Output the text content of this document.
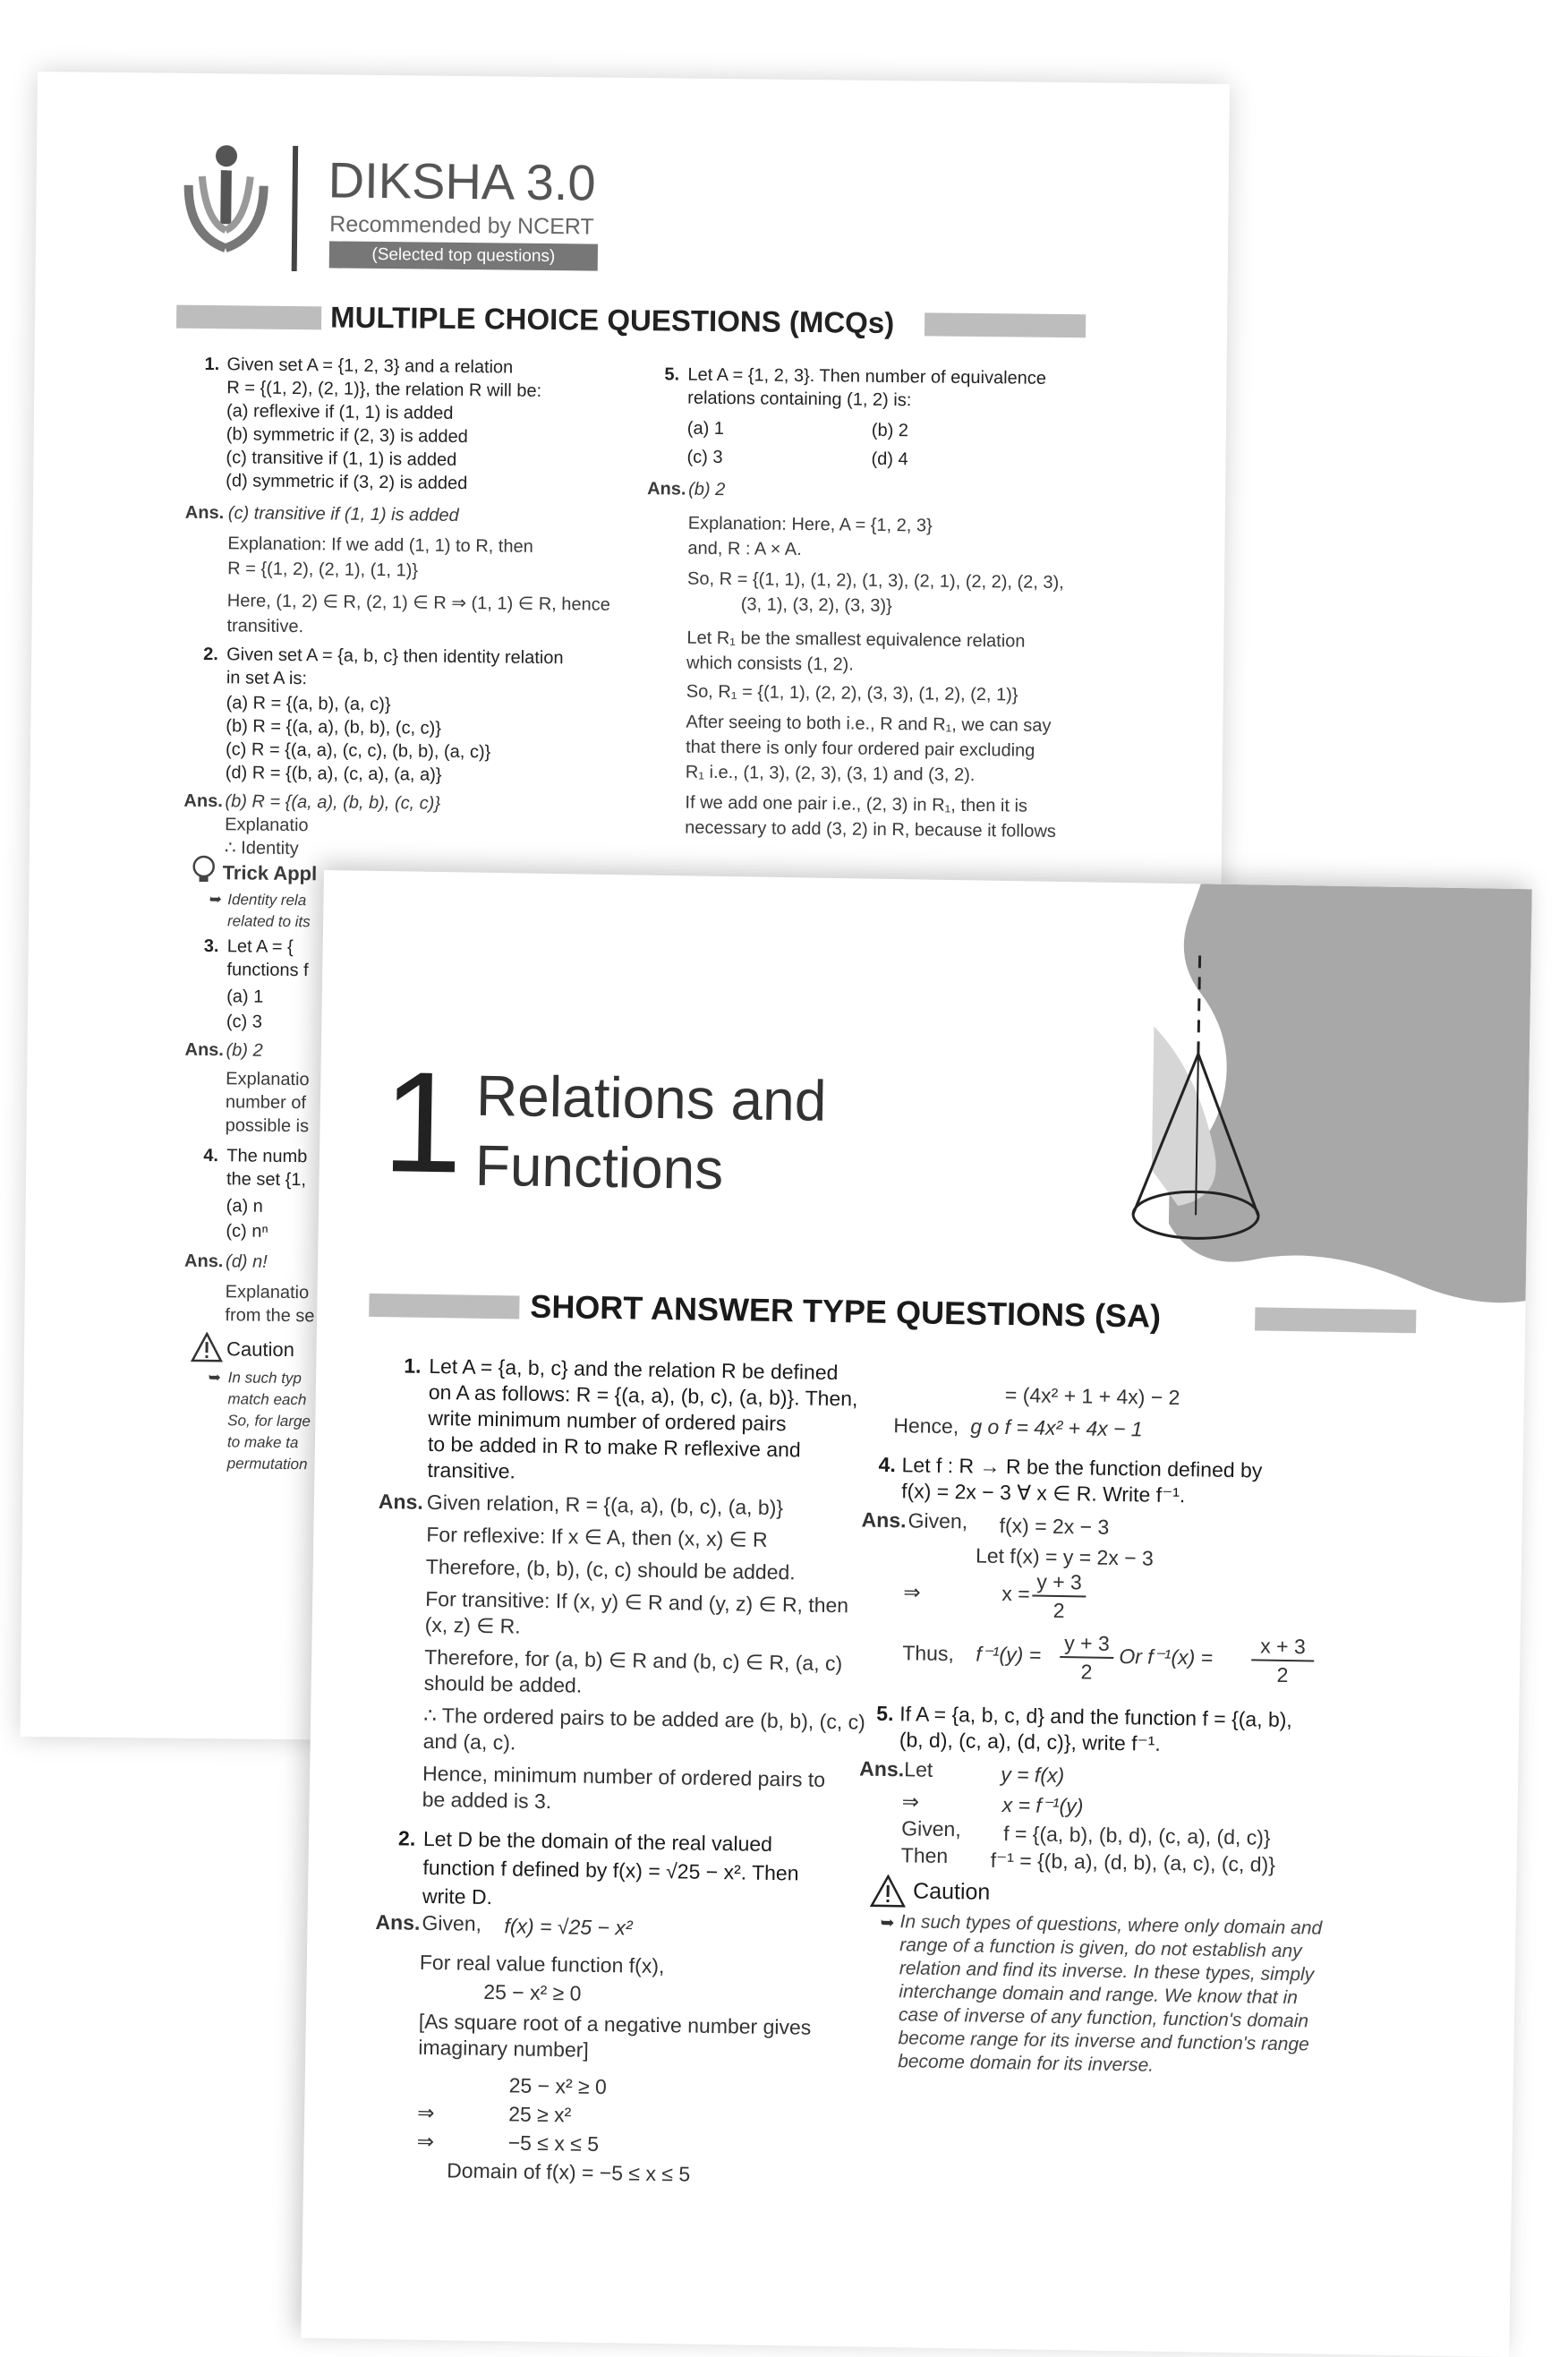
DIKSHA 3.0
Recommended by NCERT
(Selected top questions)
MULTIPLE CHOICE QUESTIONS (MCQs)
1. Given set A = {1, 2, 3} and a relation
R = {(1, 2), (2, 1)}, the relation R will be:
(a) reflexive if (1, 1) is added
(b) symmetric if (2, 3) is added
(c) transitive if (1, 1) is added
(d) symmetric if (3, 2) is added
Ans. (c) transitive if (1, 1) is added
Explanation: If we add (1, 1) to R, then
R = {(1, 2), (2, 1), (1, 1)}
Here, (1, 2) ∈ R, (2, 1) ∈ R ⇒ (1, 1) ∈ R, hence
transitive.
2. Given set A = {a, b, c} then identity relation
in set A is:
(a) R = {(a, b), (a, c)}
(b) R = {(a, a), (b, b), (c, c)}
(c) R = {(a, a), (c, c), (b, b), (a, c)}
(d) R = {(b, a), (c, a), (a, a)}
Ans. (b) R = {(a, a), (b, b), (c, c)}
Explanatio
∴ Identity
Trick Appl
➥ Identity rela
related to its
3. Let A = {
functions f
(a) 1
(c) 3
Ans. (b) 2
Explanatio
number of
possible is
4. The numb
the set {1,
(a) n
(c) nⁿ
Ans. (d) n!
Explanatio
from the se
Caution
➥ In such typ
match each
So, for large
to make ta
permutation
5. Let A = {1, 2, 3}. Then number of equivalence
relations containing (1, 2) is:
(a) 1	(b) 2
(c) 3	(d) 4
Ans. (b) 2
Explanation: Here, A = {1, 2, 3}
and, R : A × A.
So, R = {(1, 1), (1, 2), (1, 3), (2, 1), (2, 2), (2, 3),
(3, 1), (3, 2), (3, 3)}
Let R₁ be the smallest equivalence relation
which consists (1, 2).
So, R₁ = {(1, 1), (2, 2), (3, 3), (1, 2), (2, 1)}
After seeing to both i.e., R and R₁, we can say
that there is only four ordered pair excluding
R₁ i.e., (1, 3), (2, 3), (3, 1) and (3, 2).
If we add one pair i.e., (2, 3) in R₁, then it is
necessary to add (3, 2) in R, because it follows
1 Relations and
Functions
SHORT ANSWER TYPE QUESTIONS (SA)
1. Let A = {a, b, c} and the relation R be defined
on A as follows: R = {(a, a), (b, c), (a, b)}. Then,
write minimum number of ordered pairs
to be added in R to make R reflexive and
transitive.
Ans. Given relation, R = {(a, a), (b, c), (a, b)}
For reflexive: If x ∈ A, then (x, x) ∈ R
Therefore, (b, b), (c, c) should be added.
For transitive: If (x, y) ∈ R and (y, z) ∈ R, then
(x, z) ∈ R.
Therefore, for (a, b) ∈ R and (b, c) ∈ R, (a, c)
should be added.
∴ The ordered pairs to be added are (b, b), (c, c)
and (a, c).
Hence, minimum number of ordered pairs to
be added is 3.
2. Let D be the domain of the real valued
function f defined by f(x) = √25 − x². Then
write D.
Ans. Given, f(x) = √25 − x²
For real value function f(x),
25 − x² ≥ 0
[As square root of a negative number gives
imaginary number]
25 − x² ≥ 0
⇒	25 ≥ x²
⇒	−5 ≤ x ≤ 5
Domain of f(x) = −5 ≤ x ≤ 5
= (4x² + 1 + 4x) − 2
Hence, g o f = 4x² + 4x − 1
4. Let f : R → R be the function defined by
f(x) = 2x − 3 ∀ x ∈ R. Write f⁻¹.
Ans. Given, f(x) = 2x − 3
Let f(x) = y = 2x − 3
⇒	x = y + 3
2
Thus, f⁻¹(y) = y + 3
2
Or f⁻¹(x) =	x + 3
2
5. If A = {a, b, c, d} and the function f = {(a, b),
(b, d), (c, a), (d, c)}, write f⁻¹.
Ans. Let	y = f(x)
⇒	x = f⁻¹(y)
Given, f = {(a, b), (b, d), (c, a), (d, c)}
Then f⁻¹ = {(b, a), (d, b), (a, c), (c, d)}
Caution
➥ In such types of questions, where only domain and
range of a function is given, do not establish any
relation and find its inverse. In these types, simply
interchange domain and range. We know that in
case of inverse of any function, function's domain
become range for its inverse and function's range
become domain for its inverse.
